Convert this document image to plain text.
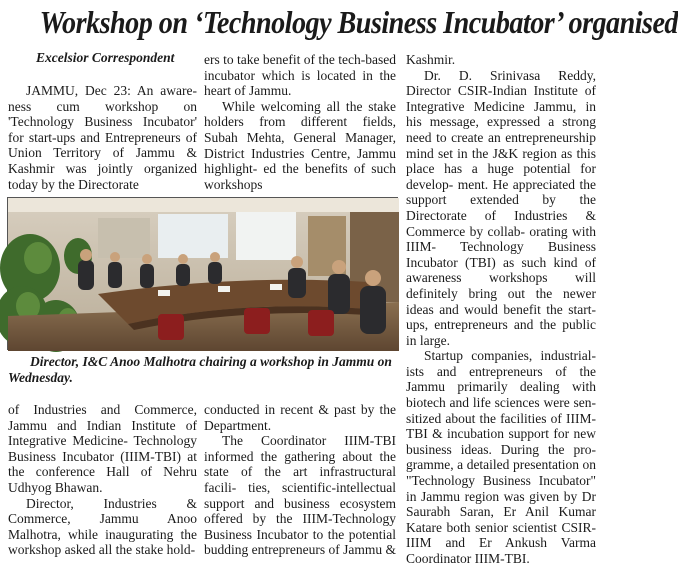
Workshop on ‘Technology Business Incubator’ organised
Excelsior Correspondent

JAMMU, Dec 23: An aware- ness cum workshop on 'Technology Business Incubator' for start-ups and Entrepreneurs of Union Territory of Jammu & Kashmir was jointly organized today by the Directorate

ers to take benefit of the tech-based incubator which is located in the heart of Jammu.

While welcoming all the stake holders from different fields, Subah Mehta, General Manager, District Industries Centre, Jammu highlight- ed the benefits of such workshops

Kashmir.

Dr. D. Srinivasa Reddy, Director CSIR-Indian Institute of Integrative Medicine Jammu, in his message, expressed a strong need to create an entrepreneurship mind set in the J&K region as this place has a huge potential for develop- ment. He appreciated the support extended by the Directorate of Industries & Commerce by collab- orating with IIIM- Technology Business Incubator (TBI) as such kind of awareness workshops will definitely bring out the newer ideas and would benefit the start-ups, entrepreneurs and the public in large.

Startup companies, industrial- ists and entrepreneurs of the Jammu primarily dealing with biotech and life sciences were sen- sitized about the facilities of IIIM- TBI & incubation support for new business ideas. During the pro- gramme, a detailed presentation on "Technology Business Incubator" in Jammu region was given by Dr Saurabh Saran, Er Anil Kumar Katare both senior scientist CSIR- IIIM and Er Ankush Varma Coordinator IIIM-TBI.

Director, I&C Anoo Malhotra chairing a workshop in Jammu on Wednesday.

of Industries and Commerce, Jammu and Indian Institute of Integrative Medicine- Technology Business Incubator (IIIM-TBI) at the conference Hall of Nehru Udhyog Bhawan.

Director, Industries & Commerce, Jammu Anoo Malhotra, while inaugurating the workshop asked all the stake hold-

conducted in recent & past by the Department.

The Coordinator IIIM-TBI informed the gathering about the state of the art infrastructural facili- ties, scientific-intellectual support and business ecosystem offered by the IIIM-Technology Business Incubator to the potential budding entrepreneurs of Jammu &
